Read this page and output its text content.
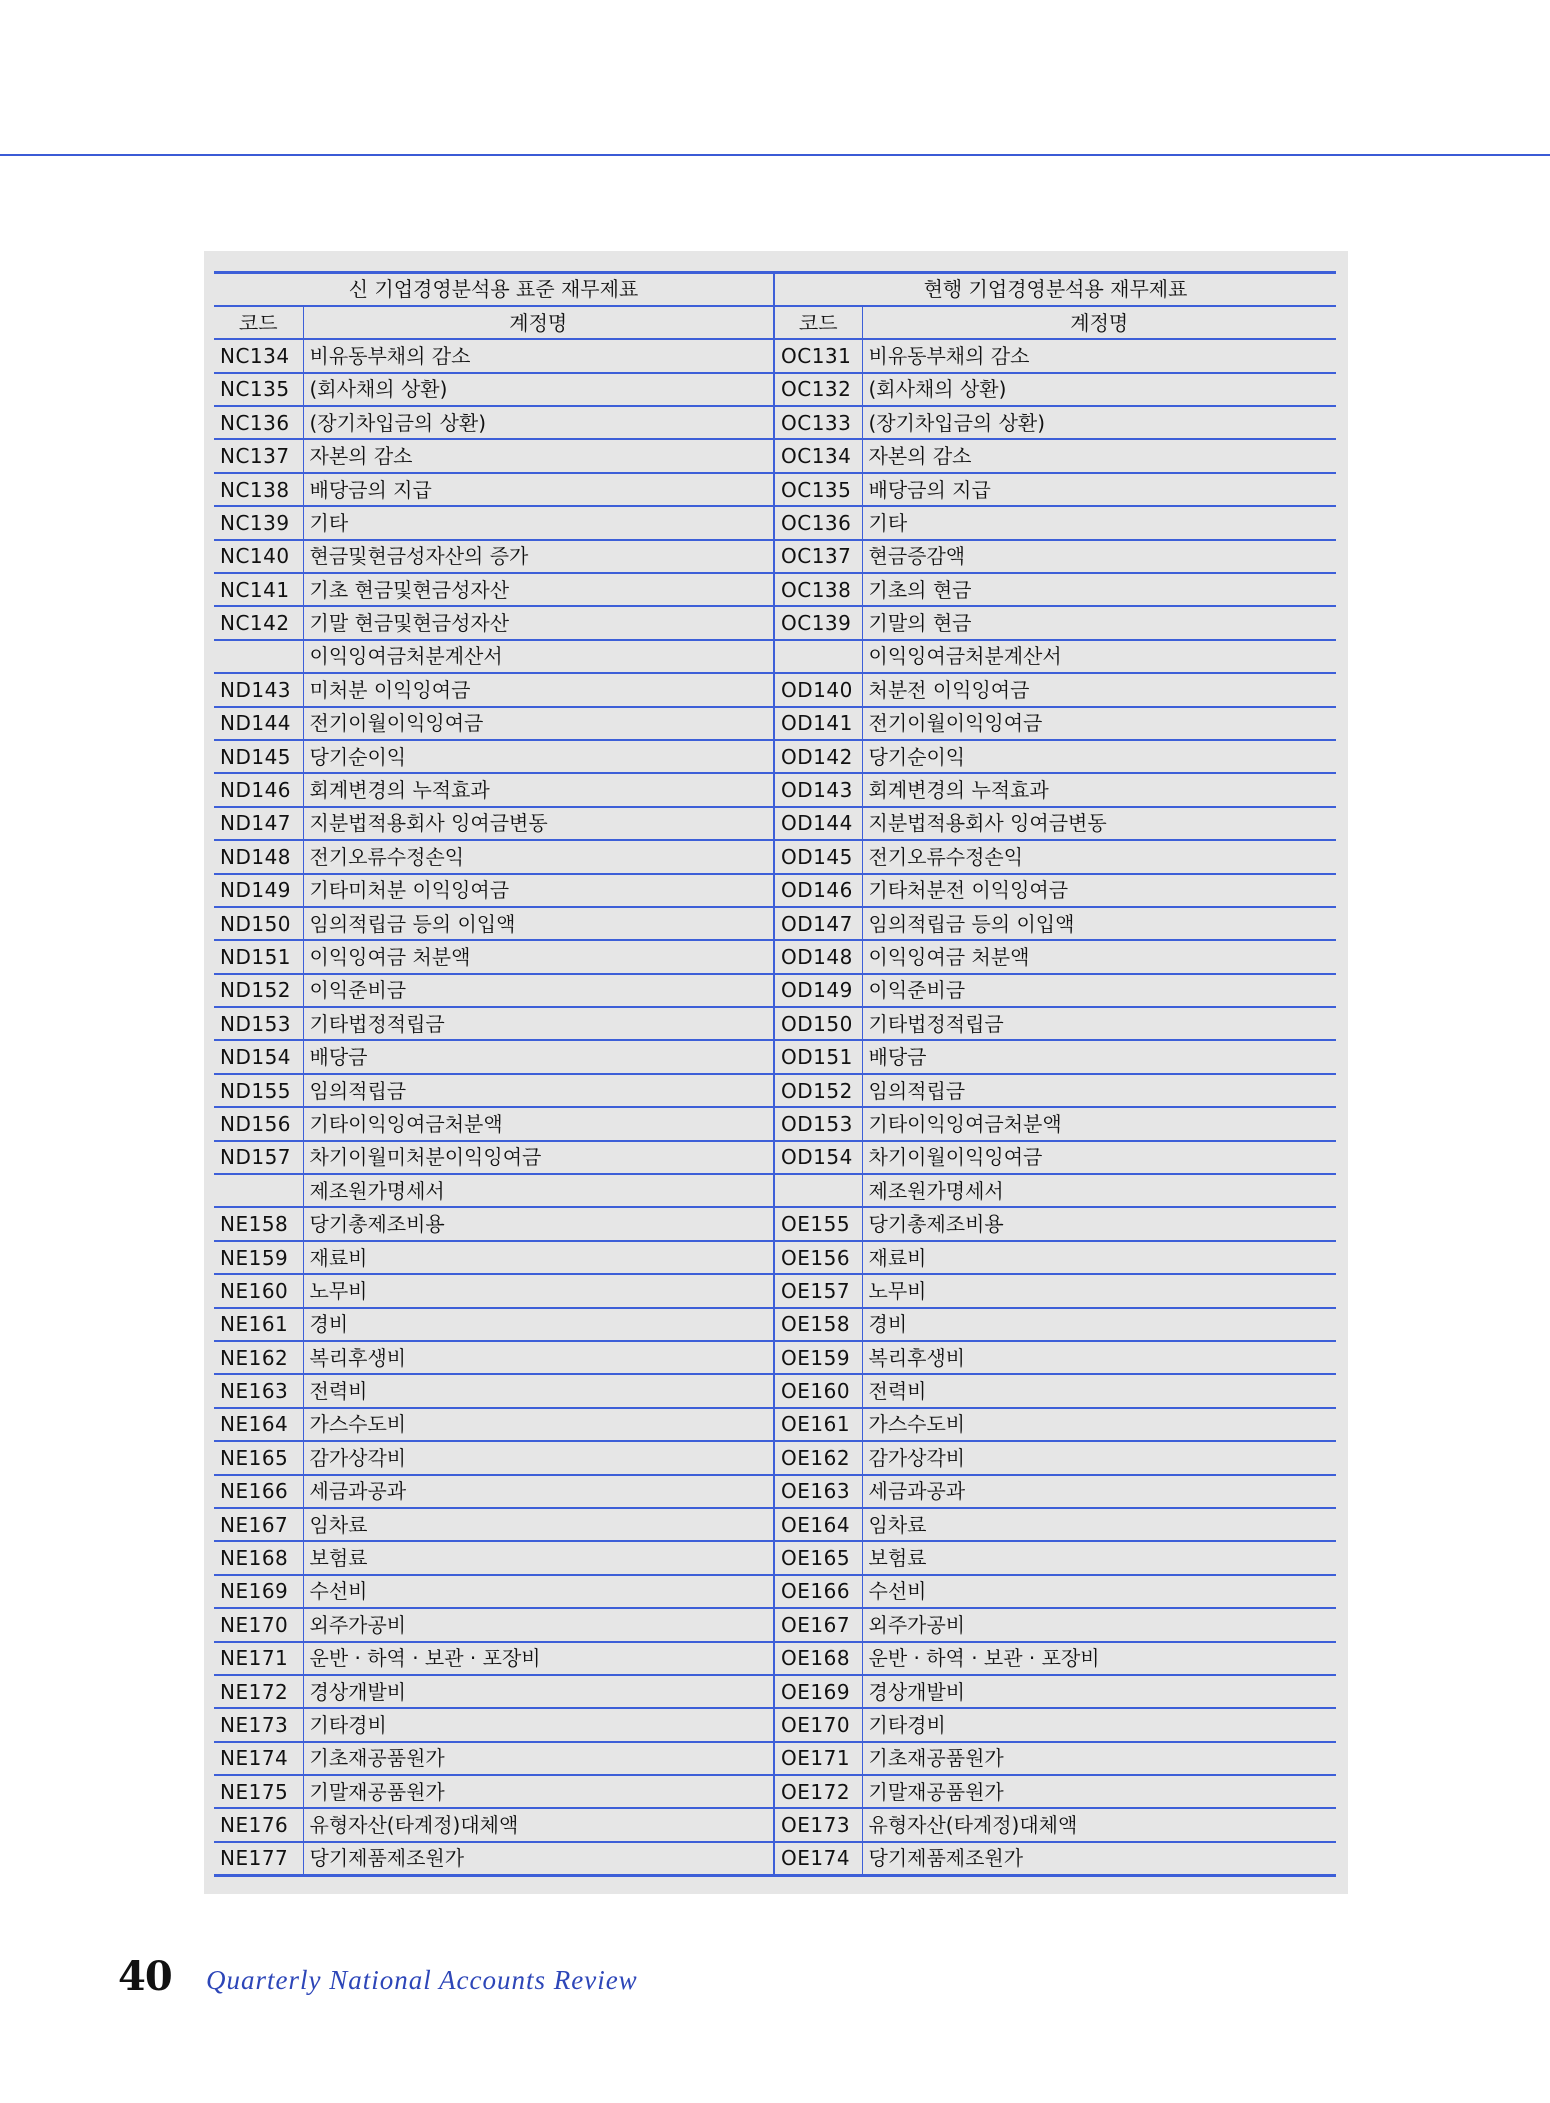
신 기업경영분석용 표준 재무제표		현행 기업경영분석용 재무제표	
코드	계정명	코드	계정명
NC134	비유동부채의 감소	OC131	비유동부채의 감소
NC135	(회사채의 상환)	OC132	(회사채의 상환)
NC136	(장기차입금의 상환)	OC133	(장기차입금의 상환)
NC137	자본의 감소	OC134	자본의 감소
NC138	배당금의 지급	OC135	배당금의 지급
NC139	기타	OC136	기타
NC140	현금및현금성자산의 증가	OC137	현금증감액
NC141	기초 현금및현금성자산	OC138	기초의 현금
NC142	기말 현금및현금성자산	OC139	기말의 현금
	이익잉여금처분계산서		이익잉여금처분계산서
ND143	미처분 이익잉여금	OD140	처분전 이익잉여금
ND144	전기이월이익잉여금	OD141	전기이월이익잉여금
ND145	당기순이익	OD142	당기순이익
ND146	회계변경의 누적효과	OD143	회계변경의 누적효과
ND147	지분법적용회사 잉여금변동	OD144	지분법적용회사 잉여금변동
ND148	전기오류수정손익	OD145	전기오류수정손익
ND149	기타미처분 이익잉여금	OD146	기타처분전 이익잉여금
ND150	임의적립금 등의 이입액	OD147	임의적립금 등의 이입액
ND151	이익잉여금 처분액	OD148	이익잉여금 처분액
ND152	이익준비금	OD149	이익준비금
ND153	기타법정적립금	OD150	기타법정적립금
ND154	배당금	OD151	배당금
ND155	임의적립금	OD152	임의적립금
ND156	기타이익잉여금처분액	OD153	기타이익잉여금처분액
ND157	차기이월미처분이익잉여금	OD154	차기이월이익잉여금
	제조원가명세서		제조원가명세서
NE158	당기총제조비용	OE155	당기총제조비용
NE159	재료비	OE156	재료비
NE160	노무비	OE157	노무비
NE161	경비	OE158	경비
NE162	복리후생비	OE159	복리후생비
NE163	전력비	OE160	전력비
NE164	가스수도비	OE161	가스수도비
NE165	감가상각비	OE162	감가상각비
NE166	세금과공과	OE163	세금과공과
NE167	임차료	OE164	임차료
NE168	보험료	OE165	보험료
NE169	수선비	OE166	수선비
NE170	외주가공비	OE167	외주가공비
NE171	운반 · 하역 · 보관 · 포장비	OE168	운반 · 하역 · 보관 · 포장비
NE172	경상개발비	OE169	경상개발비
NE173	기타경비	OE170	기타경비
NE174	기초재공품원가	OE171	기초재공품원가
NE175	기말재공품원가	OE172	기말재공품원가
NE176	유형자산(타계정)대체액	OE173	유형자산(타계정)대체액
NE177	당기제품제조원가	OE174	당기제품제조원가
40 Quarterly National Accounts Review
